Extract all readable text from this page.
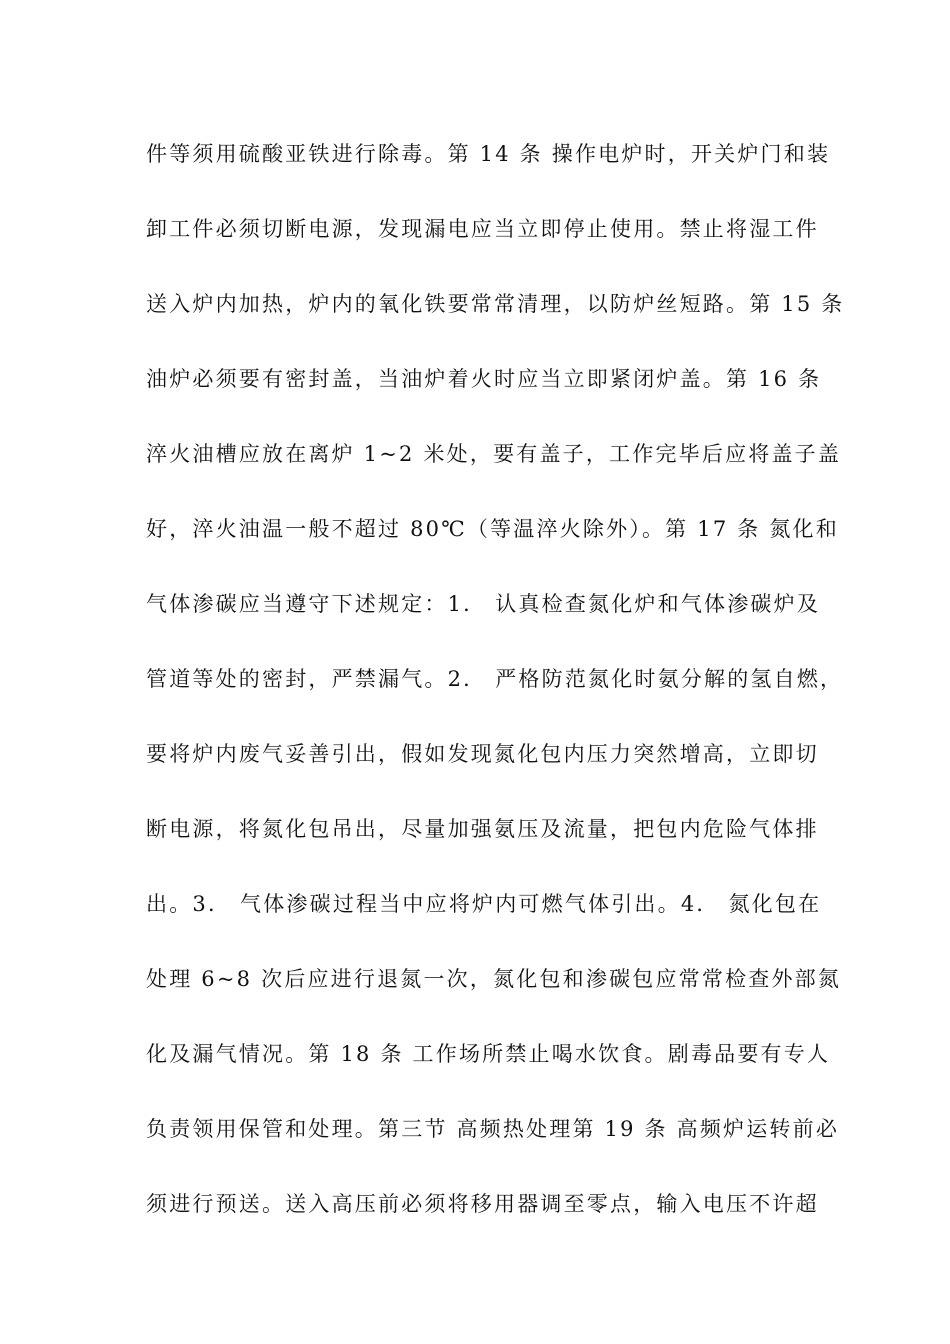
件等须用硫酸亚铁进行除毒。第 14 条 操作电炉时，开关炉门和装
卸工件必须切断电源，发现漏电应当立即停止使用。禁止将湿工件
送入炉内加热，炉内的氧化铁要常常清理，以防炉丝短路。第 15 条
油炉必须要有密封盖，当油炉着火时应当立即紧闭炉盖。第 16 条
淬火油槽应放在离炉 1~2 米处，要有盖子，工作完毕后应将盖子盖
好，淬火油温一般不超过 80℃（等温淬火除外）。第 17 条 氮化和
气体渗碳应当遵守下述规定：1． 认真检查氮化炉和气体渗碳炉及
管道等处的密封，严禁漏气。2． 严格防范氮化时氨分解的氢自燃，
要将炉内废气妥善引出，假如发现氮化包内压力突然增高，立即切
断电源，将氮化包吊出，尽量加强氨压及流量，把包内危险气体排
出。3． 气体渗碳过程当中应将炉内可燃气体引出。4． 氮化包在
处理 6~8 次后应进行退氮一次，氮化包和渗碳包应常常检查外部氮
化及漏气情况。第 18 条 工作场所禁止喝水饮食。剧毒品要有专人
负责领用保管和处理。第三节 高频热处理第 19 条 高频炉运转前必
须进行预送。送入高压前必须将移用器调至零点，输入电压不许超
